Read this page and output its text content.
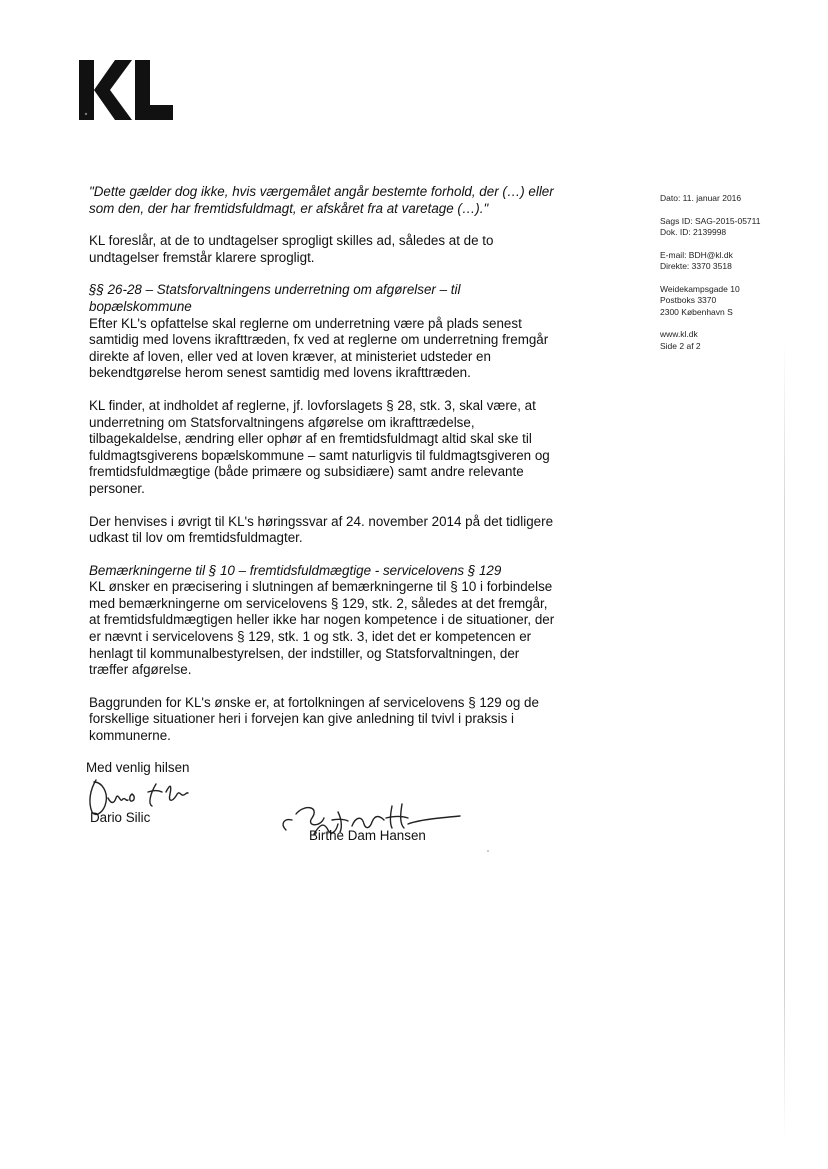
Dato: 11. januar 2016
Sags ID: SAG-2015-05711
Dok. ID: 2139998
E-mail: BDH@kl.dk
Direkte: 3370 3518
Weidekampsgade 10
Postboks 3370
2300 København S
www.kl.dk
Side 2 af 2

"Dette gælder dog ikke, hvis værgemålet angår bestemte forhold, der (…) eller som den, der har fremtidsfuldmagt, er afskåret fra at varetage (…)."

KL foreslår, at de to undtagelser sprogligt skilles ad, således at de to undtagelser fremstår klarere sprogligt.

§§ 26-28 – Statsforvaltningens underretning om afgørelser – til bopælskommune
Efter KL's opfattelse skal reglerne om underretning være på plads senest samtidig med lovens ikrafttræden, fx ved at reglerne om underretning fremgår direkte af loven, eller ved at loven kræver, at ministeriet udsteder en bekendtgørelse herom senest samtidig med lovens ikrafttræden.

KL finder, at indholdet af reglerne, jf. lovforslagets § 28, stk. 3, skal være, at underretning om Statsforvaltningens afgørelse om ikrafttrædelse, tilbagekaldelse, ændring eller ophør af en fremtidsfuldmagt altid skal ske til fuldmagtsgiverens bopælskommune – samt naturligvis til fuldmagtsgiveren og fremtidsfuldmægtige (både primære og subsidiære) samt andre relevante personer.

Der henvises i øvrigt til KL's høringssvar af 24. november 2014 på det tidligere udkast til lov om fremtidsfuldmagter.

Bemærkningerne til § 10 – fremtidsfuldmægtige - servicelovens § 129
KL ønsker en præcisering i slutningen af bemærkningerne til § 10 i forbindelse med bemærkningerne om servicelovens § 129, stk. 2, således at det fremgår, at fremtidsfuldmægtigen heller ikke har nogen kompetence i de situationer, der er nævnt i servicelovens § 129, stk. 1 og stk. 3, idet det er kompetencen er henlagt til kommunalbestyrelsen, der indstiller, og Statsforvaltningen, der træffer afgørelse.

Baggrunden for KL's ønske er, at fortolkningen af servicelovens § 129 og de forskellige situationer heri i forvejen kan give anledning til tvivl i praksis i kommunerne.

Med venlig hilsen
Dario Silic
Birthe Dam Hansen
